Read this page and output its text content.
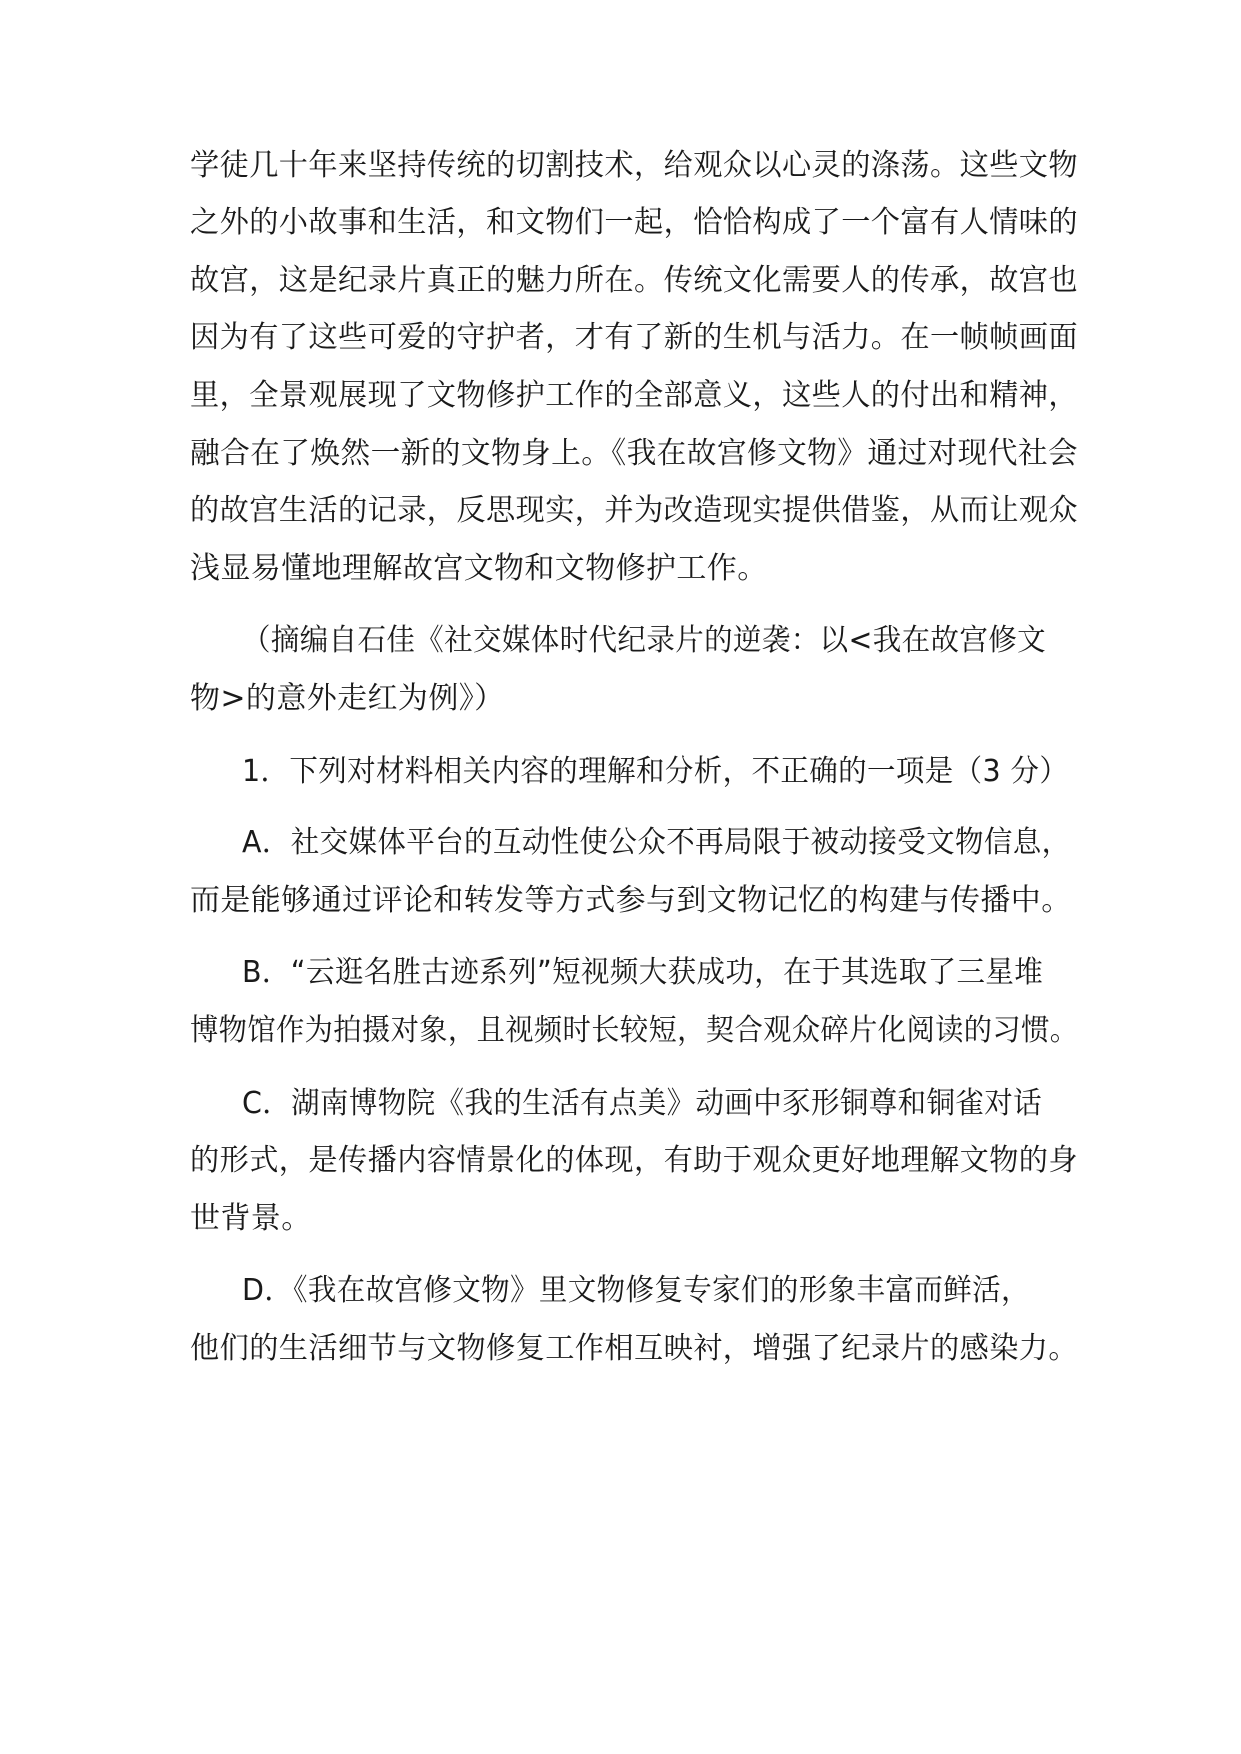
学徒几十年来坚持传统的切割技术，给观众以心灵的涤荡。这些文物
之外的小故事和生活，和文物们一起，恰恰构成了一个富有人情味的
故宫，这是纪录片真正的魅力所在。传统文化需要人的传承，故宫也
因为有了这些可爱的守护者，才有了新的生机与活力。在一帧帧画面
里，全景观展现了文物修护工作的全部意义，这些人的付出和精神，
融合在了焕然一新的文物身上。《我在故宫修文物》通过对现代社会
的故宫生活的记录，反思现实，并为改造现实提供借鉴，从而让观众
浅显易懂地理解故宫文物和文物修护工作。
（摘编自石佳《社交媒体时代纪录片的逆袭：以<我在故宫修文
物>的意外走红为例》）
1．下列对材料相关内容的理解和分析，不正确的一项是（3 分）
A．社交媒体平台的互动性使公众不再局限于被动接受文物信息，
而是能够通过评论和转发等方式参与到文物记忆的构建与传播中。
B．“云逛名胜古迹系列”短视频大获成功，在于其选取了三星堆
博物馆作为拍摄对象，且视频时长较短，契合观众碎片化阅读的习惯。
C．湖南博物院《我的生活有点美》动画中豕形铜尊和铜雀对话
的形式，是传播内容情景化的体现，有助于观众更好地理解文物的身
世背景。
D．《我在故宫修文物》里文物修复专家们的形象丰富而鲜活，
他们的生活细节与文物修复工作相互映衬，增强了纪录片的感染力。
